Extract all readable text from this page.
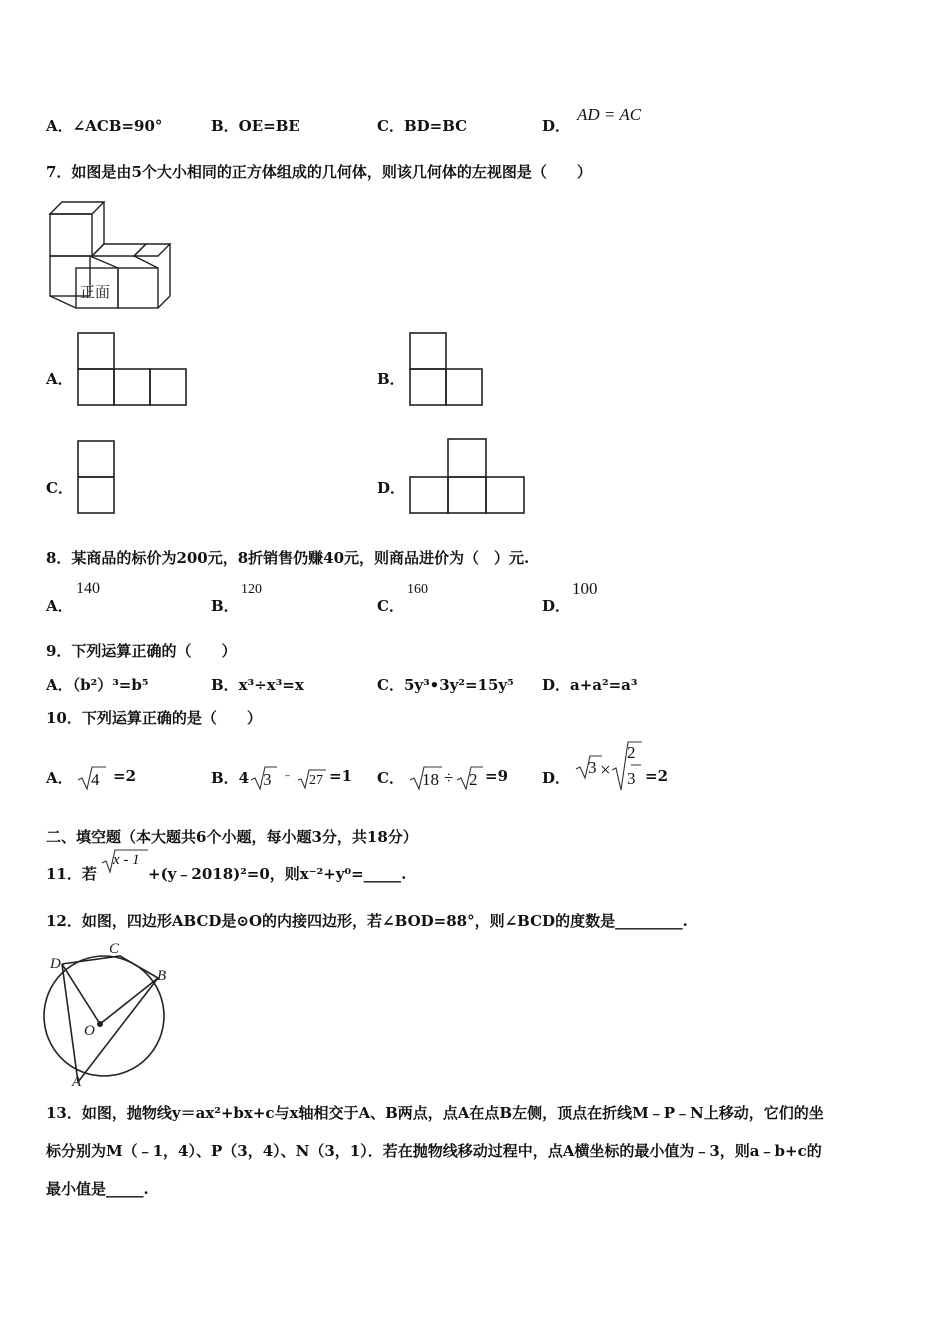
A．∠ACB=90°	B．OE=BE	C．BD=BC	D．
AD = AC
7．如图是由5个大小相同的正方体组成的几何体，则该几何体的左视图是（　　）
正面
A．	B．
C．	D．
8．某商品的标价为200元，8折销售仍赚40元，则商品进价为（　）元.
A．
140
B．
120
C．
160
D．
100
9．下列运算正确的（　　）
A．（b²）³=b⁵	B．x³÷x³=x	C．5y³•3y²=15y⁵ D．a+a²=a³
10．下列运算正确的是（　　）
A． 4 =2	B．4 3 ﹣ 27 =1 C． 18 ÷ 2 =9 D．
3 ×
2
3 =2
二、填空题（本大题共6个小题，每小题3分，共18分）
11．若
x - 1
+(y﹣2018)²=0，则x⁻²+y⁰=_____.
12．如图，四边形ABCD是⊙O的内接四边形，若∠BOD=88°，则∠BCD的度数是_________.
D
C
B
O
A
13．如图，抛物线y＝ax²+bx+c与x轴相交于A、B两点，点A在点B左侧，顶点在折线M﹣P﹣N上移动，它们的坐
标分别为M（﹣1，4）、P（3，4）、N（3，1）．若在抛物线移动过程中，点A横坐标的最小值为﹣3，则a﹣b+c的
最小值是_____.
